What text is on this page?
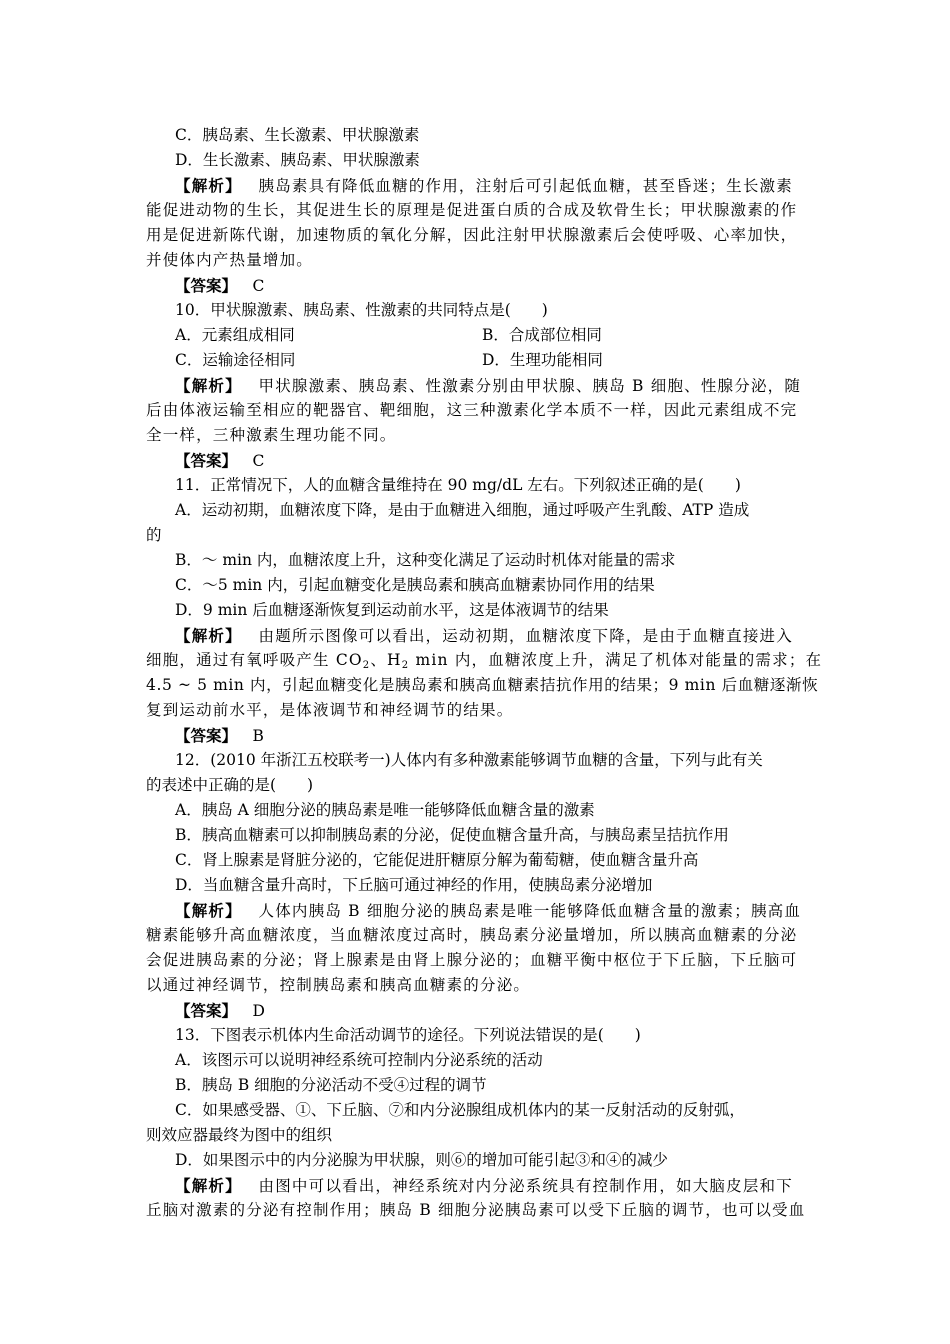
C．胰岛素、生长激素、甲状腺激素
D．生长激素、胰岛素、甲状腺激素
【解析】  胰岛素具有降低血糖的作用，注射后可引起低血糖，甚至昏迷；生长激素
能促进动物的生长，其促进生长的原理是促进蛋白质的合成及软骨生长；甲状腺激素的作
用是促进新陈代谢，加速物质的氧化分解，因此注射甲状腺激素后会使呼吸、心率加快，
并使体内产热量增加。
【答案】  C
10．甲状腺激素、胰岛素、性激素的共同特点是(　　)
A．元素组成相同	B．合成部位相同
C．运输途径相同	D．生理功能相同
【解析】  甲状腺激素、胰岛素、性激素分别由甲状腺、胰岛 B 细胞、性腺分泌，随
后由体液运输至相应的靶器官、靶细胞，这三种激素化学本质不一样，因此元素组成不完
全一样，三种激素生理功能不同。
【答案】  C
11．正常情况下，人的血糖含量维持在 90 mg/dL 左右。下列叙述正确的是(　　)
A．运动初期，血糖浓度下降，是由于血糖进入细胞，通过呼吸产生乳酸、ATP 造成
的
B．～ min 内，血糖浓度上升，这种变化满足了运动时机体对能量的需求
C．～5 min 内，引起血糖变化是胰岛素和胰高血糖素协同作用的结果
D．9 min 后血糖逐渐恢复到运动前水平，这是体液调节的结果
【解析】  由题所示图像可以看出，运动初期，血糖浓度下降，是由于血糖直接进入
细胞，通过有氧呼吸产生 $CO_2$、$H_2$ min 内，血糖浓度上升，满足了机体对能量的需求；在
4.5 ~ 5 min 内，引起血糖变化是胰岛素和胰高血糖素拮抗作用的结果；9 min 后血糖逐渐恢
复到运动前水平，是体液调节和神经调节的结果。
【答案】  B
12．(2010 年浙江五校联考一)人体内有多种激素能够调节血糖的含量，下列与此有关
的表述中正确的是(　　)
A．胰岛 A 细胞分泌的胰岛素是唯一能够降低血糖含量的激素
B．胰高血糖素可以抑制胰岛素的分泌，促使血糖含量升高，与胰岛素呈拮抗作用
C．肾上腺素是肾脏分泌的，它能促进肝糖原分解为葡萄糖，使血糖含量升高
D．当血糖含量升高时，下丘脑可通过神经的作用，使胰岛素分泌增加
【解析】  人体内胰岛 B 细胞分泌的胰岛素是唯一能够降低血糖含量的激素；胰高血
糖素能够升高血糖浓度，当血糖浓度过高时，胰岛素分泌量增加，所以胰高血糖素的分泌
会促进胰岛素的分泌；肾上腺素是由肾上腺分泌的；血糖平衡中枢位于下丘脑，下丘脑可
以通过神经调节，控制胰岛素和胰高血糖素的分泌。
【答案】  D
13．下图表示机体内生命活动调节的途径。下列说法错误的是(　　)
A．该图示可以说明神经系统可控制内分泌系统的活动
B．胰岛 B 细胞的分泌活动不受④过程的调节
C．如果感受器、①、下丘脑、⑦和内分泌腺组成机体内的某一反射活动的反射弧，
则效应器最终为图中的组织
D．如果图示中的内分泌腺为甲状腺，则⑥的增加可能引起③和④的减少
【解析】  由图中可以看出，神经系统对内分泌系统具有控制作用，如大脑皮层和下
丘脑对激素的分泌有控制作用；胰岛 B 细胞分泌胰岛素可以受下丘脑的调节，也可以受血
